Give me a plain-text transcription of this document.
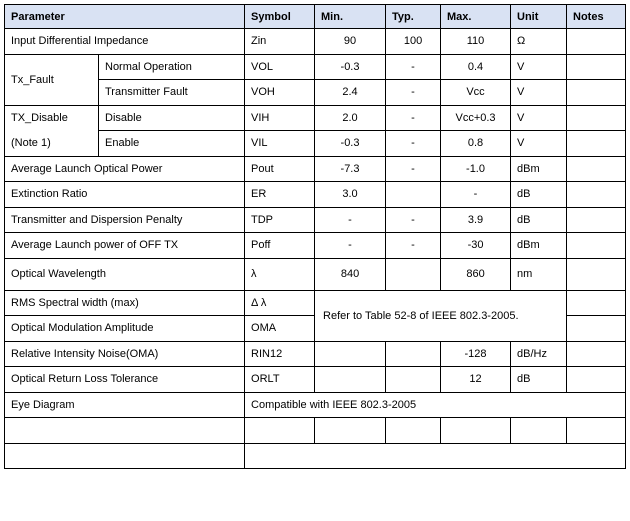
Parameter		Symbol	Min.	Typ.	Max.	Unit	Notes
Input Differential Impedance		Zin	90	100	110	Ω	
Tx_Fault	Normal Operation	VOL	-0.3	-	0.4	V	
	Transmitter Fault	VOH	2.4	-	Vcc	V	
TX_Disable	Disable	VIH	2.0	-	Vcc+0.3	V	
(Note 1)	Enable	VIL	-0.3	-	0.8	V	
Average Launch Optical Power		Pout	-7.3	-	-1.0	dBm	
Extinction Ratio		ER	3.0		-	dB	
Transmitter and Dispersion Penalty		TDP	-	-	3.9	dB	
Average Launch power of OFF TX		Poff	-	-	-30	dBm	
Optical Wavelength		λ	840		860	nm	
RMS Spectral width (max)		Δ λ	Refer to Table 52-8 of IEEE 802.3-2005.				
Optical Modulation Amplitude		OMA					
Relative Intensity Noise(OMA)		RIN12			-128	dB/Hz	
Optical Return Loss Tolerance		ORLT			12	dB	
Eye Diagram		Compatible with IEEE 802.3-2005					
